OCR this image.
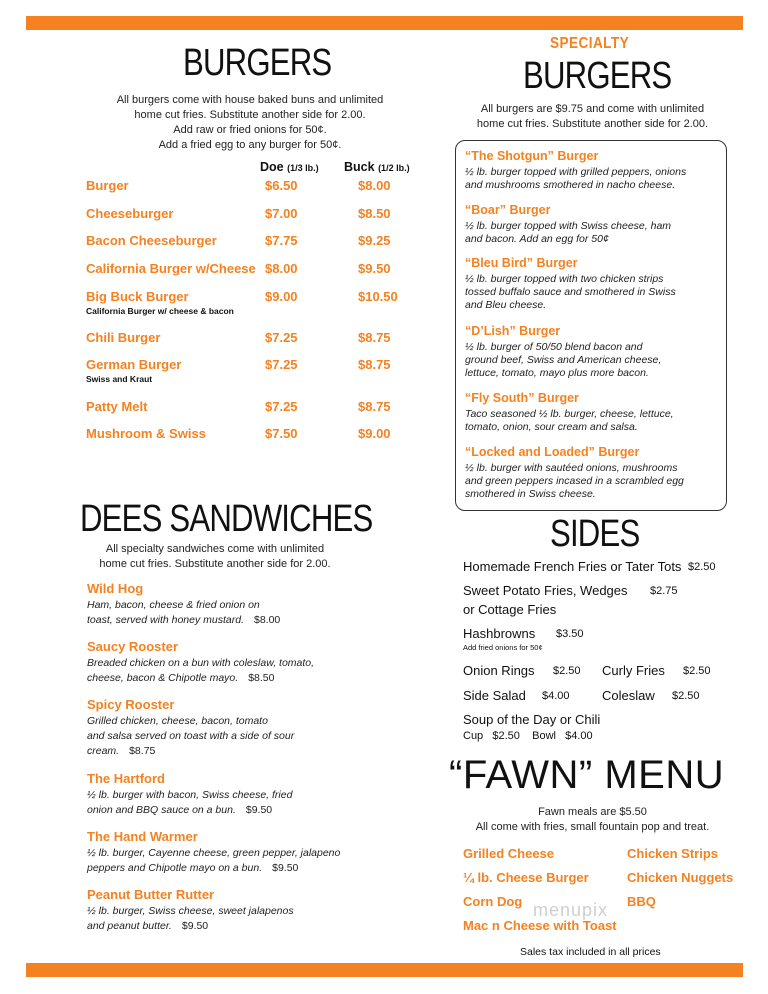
BURGERS
All burgers come with house baked buns and unlimited
home cut fries. Substitute another side for 2.00.
Add raw or fried onions for 50¢.
Add a fried egg to any burger for 50¢.
Doe (1/3 lb.) Buck (1/2 lb.)
SPECIALTY
BURGERS
All burgers are $9.75 and come with unlimited
home cut fries. Substitute another side for 2.00.
DEES SANDWICHES
All specialty sandwiches come with unlimited
home cut fries. Substitute another side for 2.00.
SIDES
Homemade French Fries or Tater Tots $2.50
Sweet Potato Fries, Wedges $2.75
or Cottage Fries
Hashbrowns $3.50
Add fried onions for 50¢
Onion Rings $2.50 Curly Fries $2.50
Side Salad $4.00 Coleslaw $2.50
Soup of the Day or Chili
Cup $2.50 Bowl $4.00
“FAWN” MENU
Fawn meals are $5.50
All come with fries, small fountain pop and treat.
menupix
Sales tax included in all prices
Burger	$6.50	$8.00
Cheeseburger	$7.00	$8.50
Bacon Cheeseburger	$7.75	$9.25
California Burger w/Cheese $8.00	$9.50
Big Buck Burger	$9.00	$10.50
California Burger w/ cheese & bacon
Chili Burger	$7.25	$8.75
German Burger	$7.25	$8.75
Swiss and Kraut
Patty Melt	$7.25	$8.75
Mushroom & Swiss	$7.50	$9.00
“The Shotgun” Burger
½ lb. burger topped with grilled peppers, onions
and mushrooms smothered in nacho cheese.
“Boar” Burger
½ lb. burger topped with Swiss cheese, ham
and bacon. Add an egg for 50¢
“Bleu Bird” Burger
½ lb. burger topped with two chicken strips
tossed buffalo sauce and smothered in Swiss
and Bleu cheese.
“D’Lish” Burger
½ lb. burger of 50/50 blend bacon and
ground beef, Swiss and American cheese,
lettuce, tomato, mayo plus more bacon.
“Fly South” Burger
Taco seasoned ½ lb. burger, cheese, lettuce,
tomato, onion, sour cream and salsa.
“Locked and Loaded” Burger
½ lb. burger with sautéed onions, mushrooms
and green peppers incased in a scrambled egg
smothered in Swiss cheese.
Wild Hog
Ham, bacon, cheese & fried onion on
toast, served with honey mustard. $8.00
Saucy Rooster
Breaded chicken on a bun with coleslaw, tomato,
cheese, bacon & Chipotle mayo. $8.50
Spicy Rooster
Grilled chicken, cheese, bacon, tomato
and salsa served on toast with a side of sour
cream. $8.75
The Hartford
½ lb. burger with bacon, Swiss cheese, fried
onion and BBQ sauce on a bun. $9.50
The Hand Warmer
½ lb. burger, Cayenne cheese, green pepper, jalapeno
peppers and Chipotle mayo on a bun. $9.50
Peanut Butter Rutter
½ lb. burger, Swiss cheese, sweet jalapenos
and peanut butter. $9.50
Grilled Cheese
¼ lb. Cheese Burger
Corn Dog
Mac n Cheese with Toast
Chicken Strips
Chicken Nuggets
BBQ
